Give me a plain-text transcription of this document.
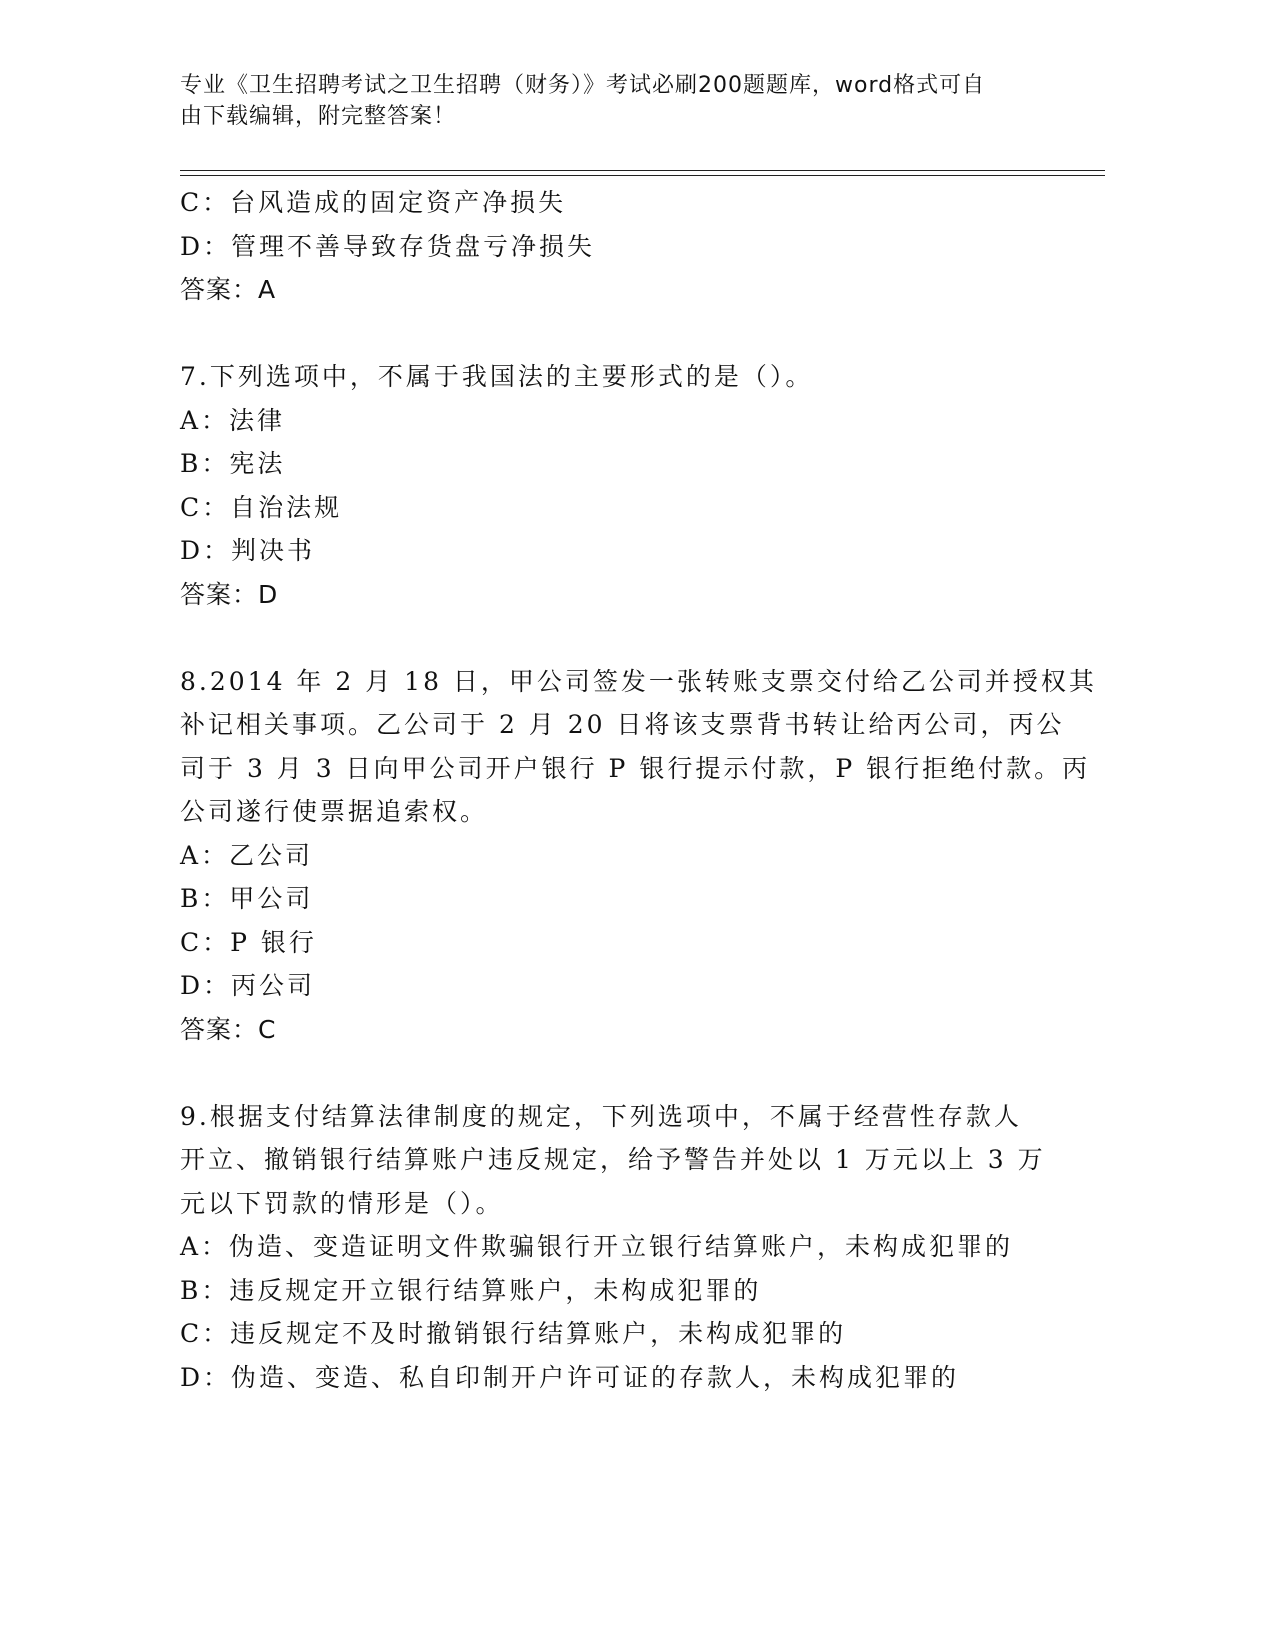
专业《卫生招聘考试之卫生招聘（财务）》考试必刷200题题库，word格式可自
由下载编辑，附完整答案！
C：台风造成的固定资产净损失
D：管理不善导致存货盘亏净损失
答案：A
7.下列选项中，不属于我国法的主要形式的是（）。
A：法律
B：宪法
C：自治法规
D：判决书
答案：D
8.2014 年 2 月 18 日，甲公司签发一张转账支票交付给乙公司并授权其
补记相关事项。乙公司于 2 月 20 日将该支票背书转让给丙公司，丙公
司于 3 月 3 日向甲公司开户银行 P 银行提示付款，P 银行拒绝付款。丙
公司遂行使票据追索权。
A：乙公司
B：甲公司
C：P 银行
D：丙公司
答案：C
9.根据支付结算法律制度的规定，下列选项中，不属于经营性存款人
开立、撤销银行结算账户违反规定，给予警告并处以 1 万元以上 3 万
元以下罚款的情形是（）。
A：伪造、变造证明文件欺骗银行开立银行结算账户，未构成犯罪的
B：违反规定开立银行结算账户，未构成犯罪的
C：违反规定不及时撤销银行结算账户，未构成犯罪的
D：伪造、变造、私自印制开户许可证的存款人，未构成犯罪的
